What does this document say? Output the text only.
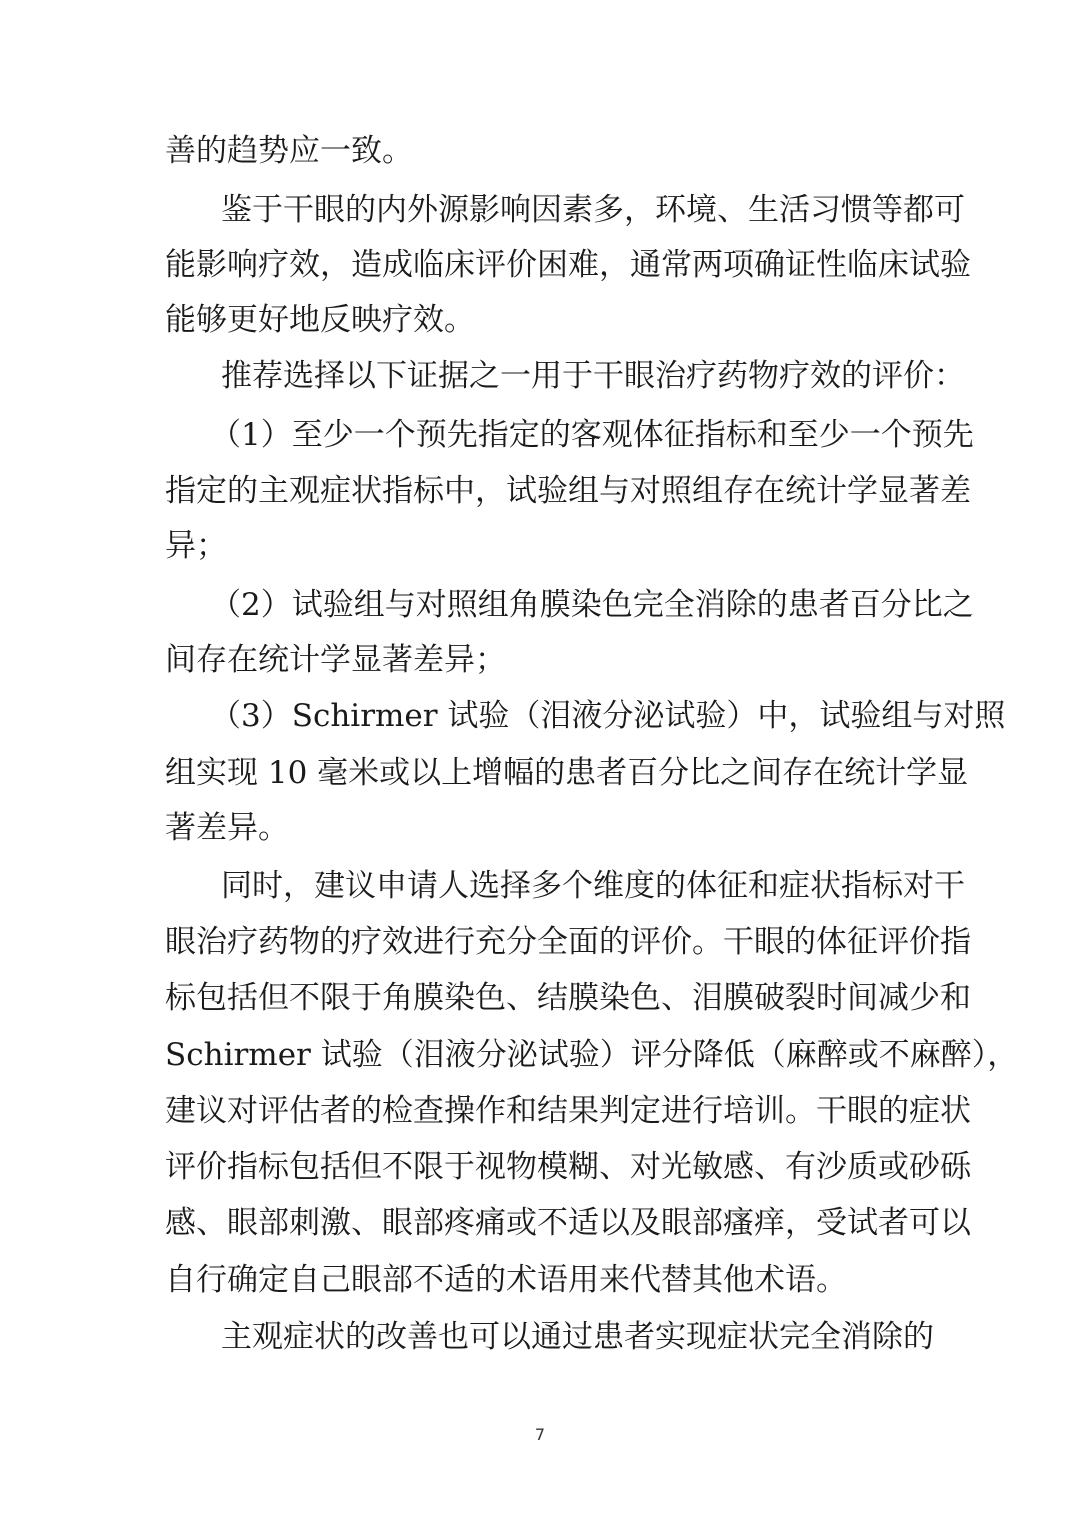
善的趋势应一致。
鉴于干眼的内外源影响因素多，环境、生活习惯等都可
能影响疗效，造成临床评价困难，通常两项确证性临床试验
能够更好地反映疗效。
推荐选择以下证据之一用于干眼治疗药物疗效的评价：
（1）至少一个预先指定的客观体征指标和至少一个预先
指定的主观症状指标中，试验组与对照组存在统计学显著差
异；
（2）试验组与对照组角膜染色完全消除的患者百分比之
间存在统计学显著差异；
（3）Schirmer 试验（泪液分泌试验）中，试验组与对照
组实现 10 毫米或以上增幅的患者百分比之间存在统计学显
著差异。
同时，建议申请人选择多个维度的体征和症状指标对干
眼治疗药物的疗效进行充分全面的评价。干眼的体征评价指
标包括但不限于角膜染色、结膜染色、泪膜破裂时间减少和
Schirmer 试验（泪液分泌试验）评分降低（麻醉或不麻醉），
建议对评估者的检查操作和结果判定进行培训。干眼的症状
评价指标包括但不限于视物模糊、对光敏感、有沙质或砂砾
感、眼部刺激、眼部疼痛或不适以及眼部瘙痒，受试者可以
自行确定自己眼部不适的术语用来代替其他术语。
主观症状的改善也可以通过患者实现症状完全消除的
7
